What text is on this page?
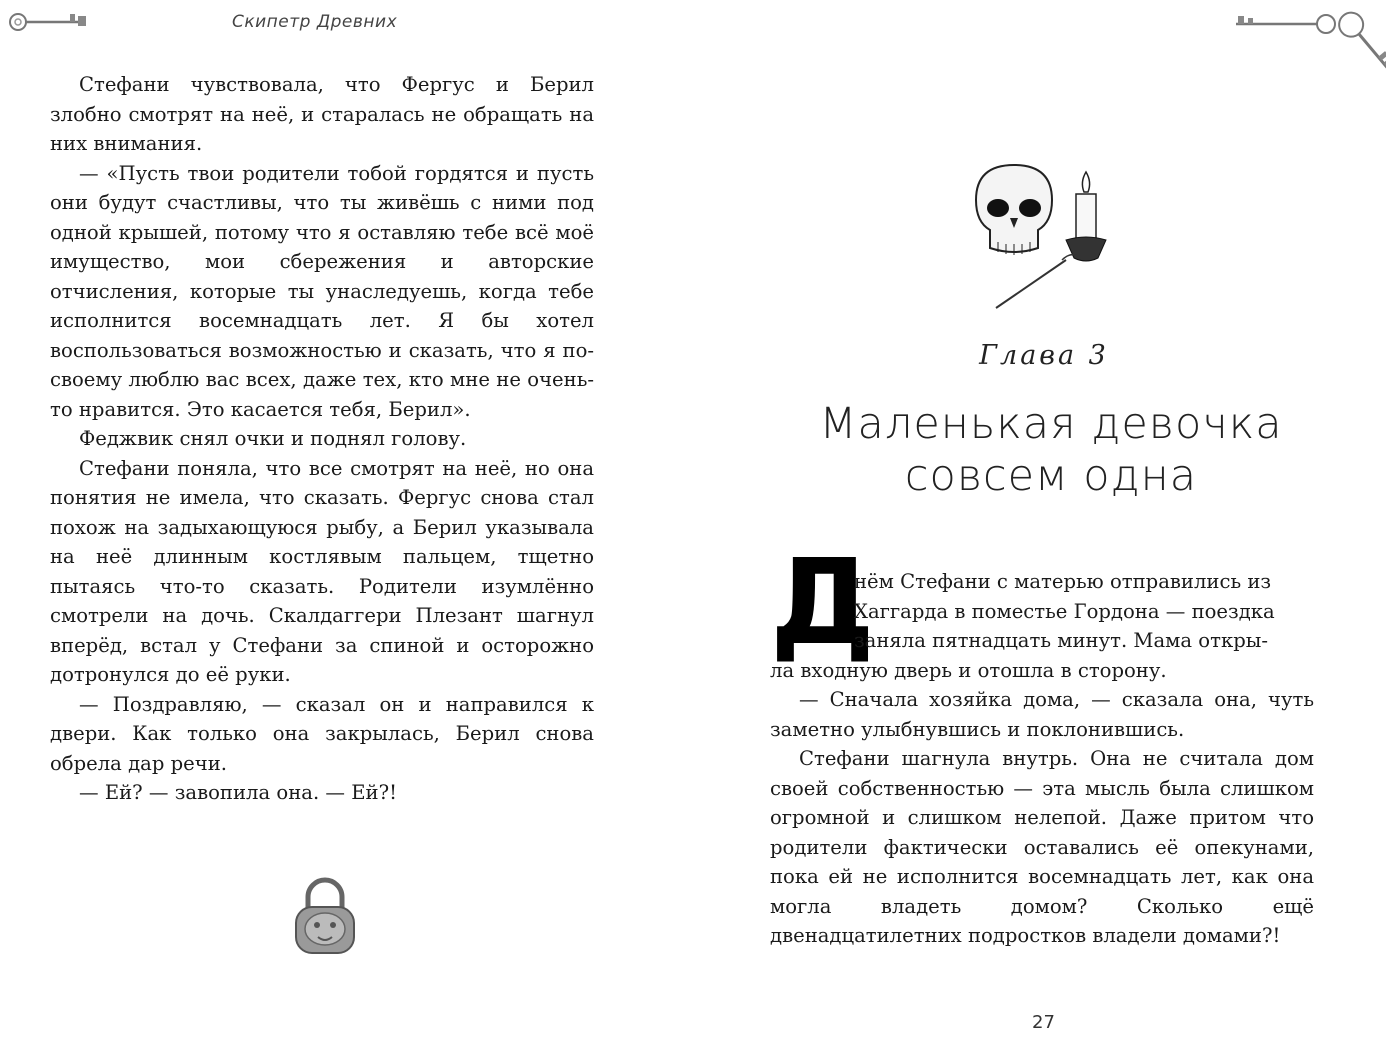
Скипетр Древних

Стефани чувствовала, что Фергус и Берил злобно смотрят на неё, и старалась не обращать на них внимания.

— «Пусть твои родители тобой гордятся и пусть они будут счастливы, что ты живёшь с ними под одной крышей, потому что я оставляю тебе всё моё имущество, мои сбережения и авторские отчисления, которые ты унаследуешь, когда тебе исполнится восемнадцать лет. Я бы хотел воспользоваться возможностью и сказать, что я по-своему люблю вас всех, даже тех, кто мне не очень-то нравится. Это касается тебя, Берил».

Феджвик снял очки и поднял голову.

Стефани поняла, что все смотрят на неё, но она понятия не имела, что сказать. Фергус снова стал похож на задыхающуюся рыбу, а Берил указывала на неё длинным костлявым пальцем, тщетно пытаясь что-то сказать. Родители изумлённо смотрели на дочь. Скалдаггери Плезант шагнул вперёд, встал у Стефани за спиной и осторожно дотронулся до её руки.

— Поздравляю, — сказал он и направился к двери. Как только она закрылась, Берил снова обрела дар речи.

— Ей? — завопила она. — Ей?!

Глава 3
Маленькая девочка
совсем одна
Д

нём Стефани с матерью отправились из
Хаггарда в поместье Гордона — поездка
заняла пятнадцать минут. Мама откры-
ла входную дверь и отошла в сторону.

— Сначала хозяйка дома, — сказала она, чуть заметно улыбнувшись и поклонившись.

Стефани шагнула внутрь. Она не считала дом своей собственностью — эта мысль была слишком огромной и слишком нелепой. Даже притом что родители фактически оставались её опекунами, пока ей не исполнится восемнадцать лет, как она могла владеть домом? Сколько ещё двенадцатилетних подростков владели домами?!

27
